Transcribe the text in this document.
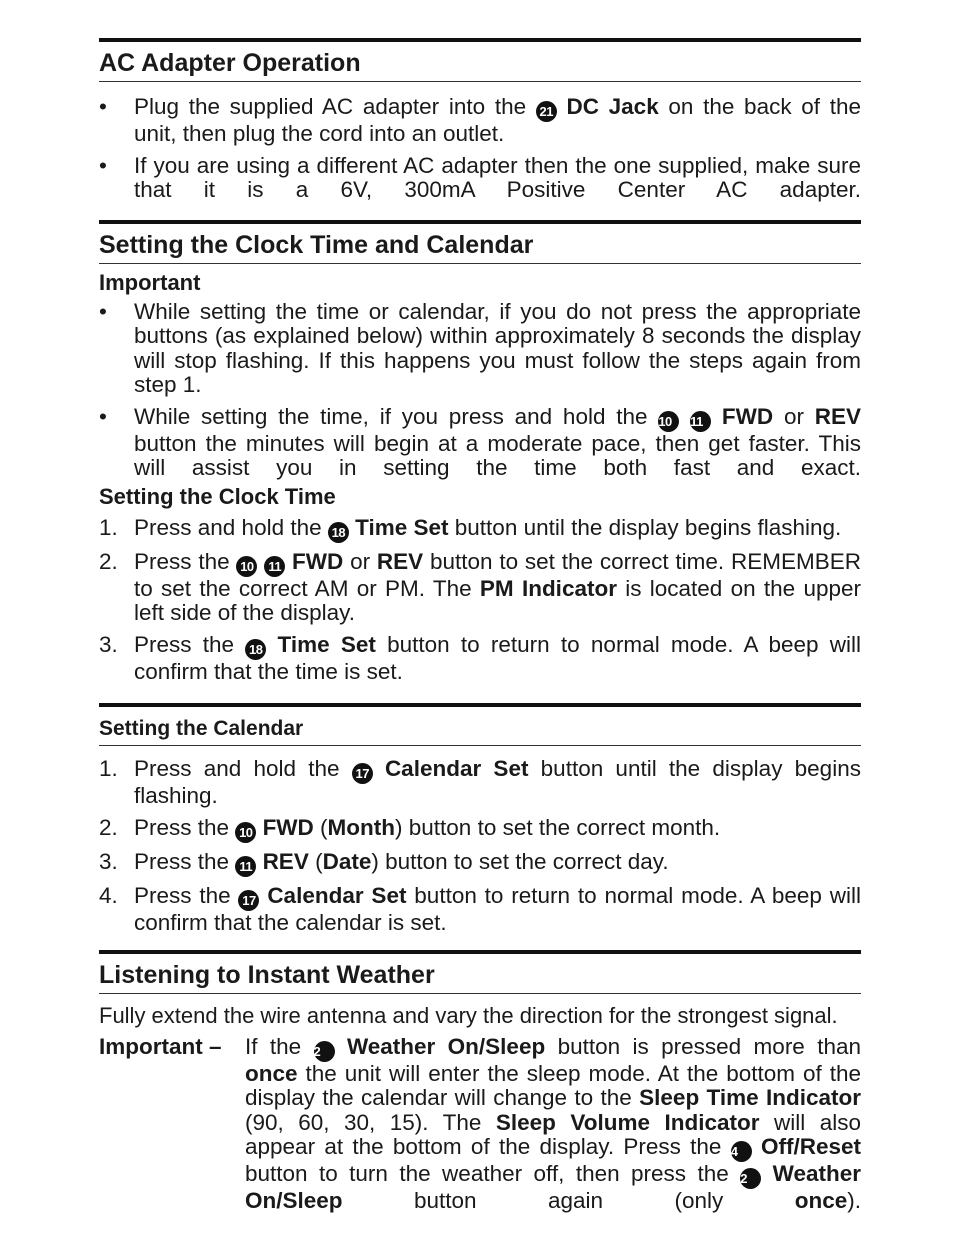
AC Adapter Operation
•	Plug the supplied AC adapter into the 21 DC Jack on the back of the unit, then plug the cord into an outlet.
•	If you are using a different AC adapter then the one supplied, make sure that it is a 6V, 300mA Positive Center AC adapter.
Setting the Clock Time and Calendar
Important
•	While setting the time or calendar, if you do not press the appropriate buttons (as explained below) within approximately 8 seconds the display will stop flashing. If this happens you must follow the steps again from step 1.
•	While setting the time, if you press and hold the 10 11 FWD or REV button the minutes will begin at a moderate pace, then get faster. This will assist you in setting the time both fast and exact.
Setting the Clock Time
1. Press and hold the 18 Time Set button until the display begins flashing.
2. Press the 10 11 FWD or REV button to set the correct time. REMEMBER to set the correct AM or PM. The PM Indicator is located on the upper left side of the display.
3. Press the 18 Time Set button to return to normal mode. A beep will confirm that the time is set.
Setting the Calendar
1. Press and hold the 17 Calendar Set button until the display begins flashing.
2. Press the 10 FWD (Month) button to set the correct month.
3. Press the 11 REV (Date) button to set the correct day.
4. Press the 17 Calendar Set button to return to normal mode. A beep will confirm that the calendar is set.
Listening to Instant Weather
Fully extend the wire antenna and vary the direction for the strongest signal.
Important –	If the 2 Weather On/Sleep button is pressed more than once the unit will enter the sleep mode. At the bottom of the display the calendar will change to the Sleep Time Indicator (90, 60, 30, 15). The Sleep Volume Indicator will also appear at the bottom of the display. Press the 4 Off/Reset button to turn the weather off, then press the 2 Weather On/Sleep button again (only once).
